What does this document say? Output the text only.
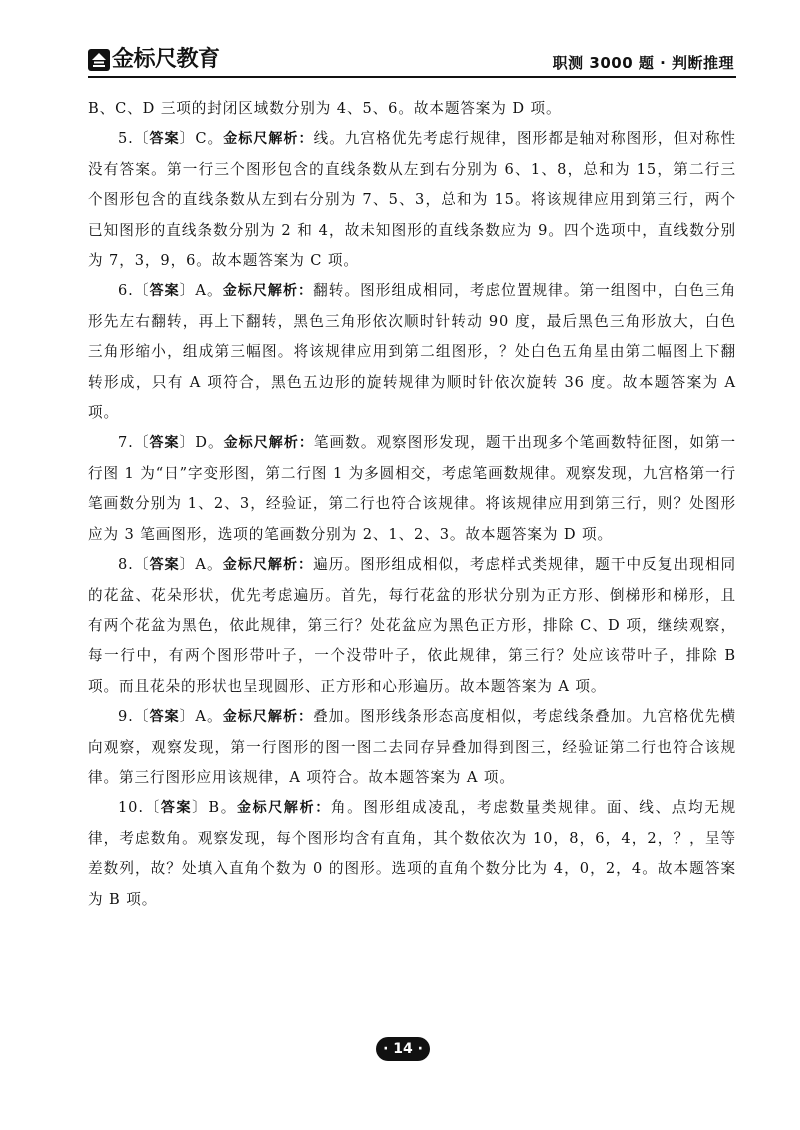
金标尺教育	职测 3000 题 · 判断推理

B、C、D 三项的封闭区域数分别为 4、5、6。故本题答案为 D 项。

5.〔答案〕C。金标尺解析：线。九宫格优先考虑行规律，图形都是轴对称图形，但对称性没有答案。第一行三个图形包含的直线条数从左到右分别为 6、1、8，总和为 15，第二行三个图形包含的直线条数从左到右分别为 7、5、3，总和为 15。将该规律应用到第三行，两个已知图形的直线条数分别为 2 和 4，故未知图形的直线条数应为 9。四个选项中，直线数分别为 7，3，9，6。故本题答案为 C 项。

6.〔答案〕A。金标尺解析：翻转。图形组成相同，考虑位置规律。第一组图中，白色三角形先左右翻转，再上下翻转，黑色三角形依次顺时针转动 90 度，最后黑色三角形放大，白色三角形缩小，组成第三幅图。将该规律应用到第二组图形，？处白色五角星由第二幅图上下翻转形成，只有 A 项符合，黑色五边形的旋转规律为顺时针依次旋转 36 度。故本题答案为 A 项。

7.〔答案〕D。金标尺解析：笔画数。观察图形发现，题干出现多个笔画数特征图，如第一行图 1 为“日”字变形图，第二行图 1 为多圆相交，考虑笔画数规律。观察发现，九宫格第一行笔画数分别为 1、2、3，经验证，第二行也符合该规律。将该规律应用到第三行，则？处图形应为 3 笔画图形，选项的笔画数分别为 2、1、2、3。故本题答案为 D 项。

8.〔答案〕A。金标尺解析：遍历。图形组成相似，考虑样式类规律，题干中反复出现相同的花盆、花朵形状，优先考虑遍历。首先，每行花盆的形状分别为正方形、倒梯形和梯形，且有两个花盆为黑色，依此规律，第三行？处花盆应为黑色正方形，排除 C、D 项，继续观察，每一行中，有两个图形带叶子，一个没带叶子，依此规律，第三行？处应该带叶子，排除 B 项。而且花朵的形状也呈现圆形、正方形和心形遍历。故本题答案为 A 项。

9.〔答案〕A。金标尺解析：叠加。图形线条形态高度相似，考虑线条叠加。九宫格优先横向观察，观察发现，第一行图形的图一图二去同存异叠加得到图三，经验证第二行也符合该规律。第三行图形应用该规律，A 项符合。故本题答案为 A 项。

10.〔答案〕B。金标尺解析：角。图形组成凌乱，考虑数量类规律。面、线、点均无规律，考虑数角。观察发现，每个图形均含有直角，其个数依次为 10，8，6，4，2，？，呈等差数列，故？处填入直角个数为 0 的图形。选项的直角个数分比为 4，0，2，4。故本题答案为 B 项。

· 14 ·
